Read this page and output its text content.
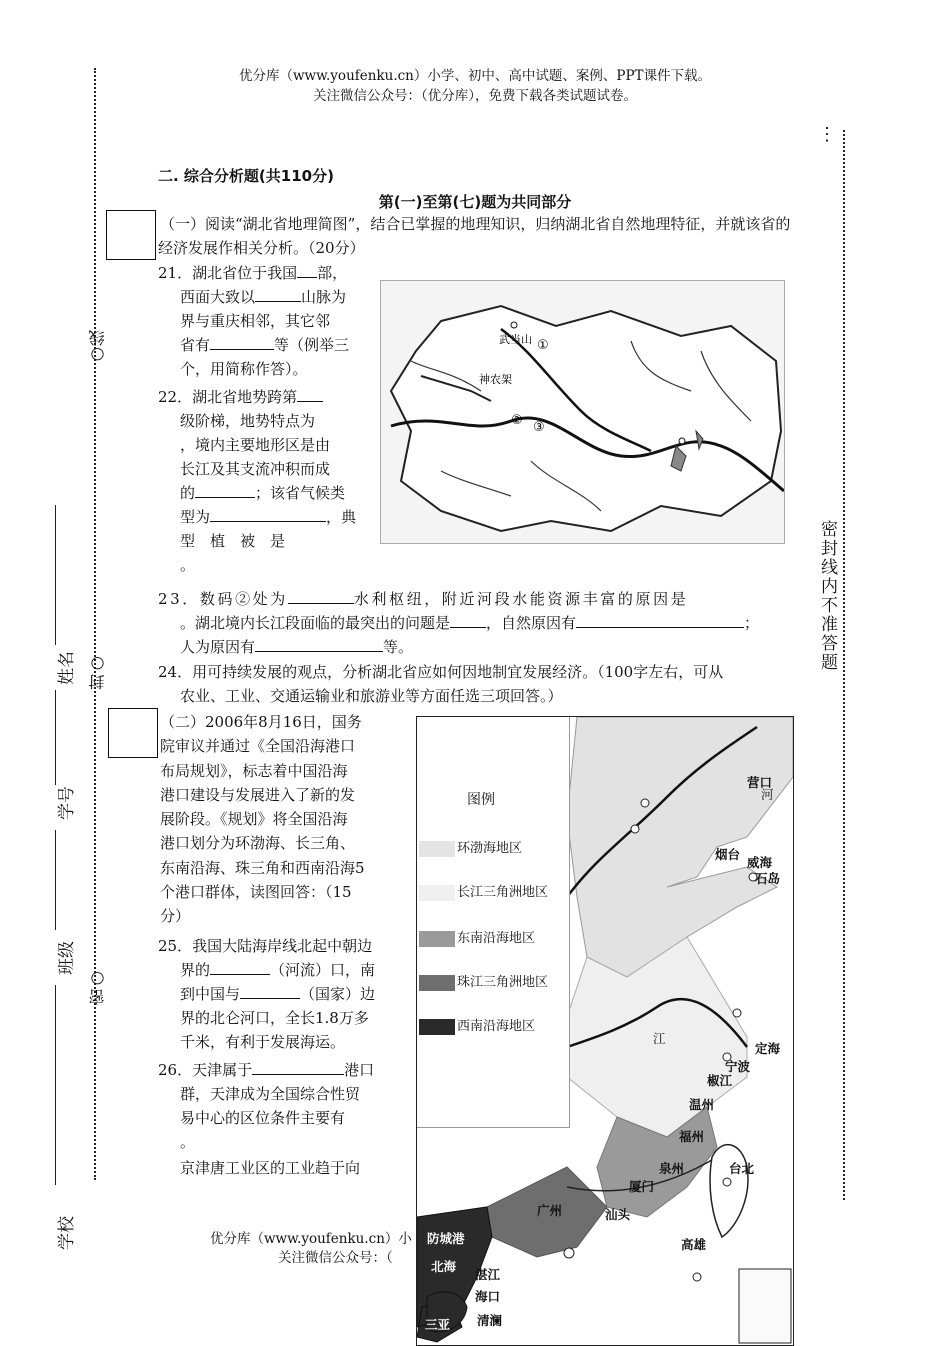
优分库（www.youfenku.cn）小学、初中、高中试题、案例、PPT课件下载。
关注微信公众号：（优分库），免费下载各类试题试卷。
○线
封○
密○
姓名
学号
班级
学校
⋮
密封线内不准答题
二. 综合分析题(共110分)
第(一)至第(七)题为共同部分
（一）阅读“湖北省地理简图”，结合已掌握的地理知识，归纳湖北省自然地理特征，并就该省的经济发展作相关分析。（20分）

21．湖北省位于我国 部，

西面大致以	山脉为

界与重庆相邻，其它邻

省有	等（例举三

个，用简称作答）。

22．湖北省地势跨第

级阶梯，地势特点为

，境内主要地形区是由

长江及其支流冲积而成

的	；该省气候类

型为	，典

型　植　被　是

。

武当山 ①
神农架
② ③

23．数码②处为	水利枢纽，附近河段水能资源丰富的原因是

。湖北境内长江段面临的最突出的问题是 ，自然原因有	；

人为原因有	等。

24．用可持续发展的观点，分析湖北省应如何因地制宜发展经济。（100字左右，可从

农业、工业、交通运输业和旅游业等方面任选三项回答。）

（二）2006年8月16日，国务

院审议并通过《全国沿海港口

布局规划》，标志着中国沿海

港口建设与发展进入了新的发

展阶段。《规划》将全国沿海

港口划分为环渤海、长三角、

东南沿海、珠三角和西南沿海5

个港口群体，读图回答：（15

分）

25．我国大陆海岸线北起中朝边

界的	（河流）口，南

到中国与	（国家）边

界的北仑河口，全长1.8万多

千米，有利于发展海运。

26．天津属于	港口

群，天津成为全国综合性贸

易中心的区位条件主要有

。

京津唐工业区的工业趋于向

图例
环渤海地区
长江三角洲地区
东南沿海地区
珠江三角洲地区
西南沿海地区
河
营口
烟台
威海
石岛
江
定海
宁波
椒江
温州
福州
泉州	台北
厦门
汕头
广州
高雄
防城港
北海
湛江
海口
清澜
三亚
优分库（www.youfenku.cn）小
关注微信公众号：（
